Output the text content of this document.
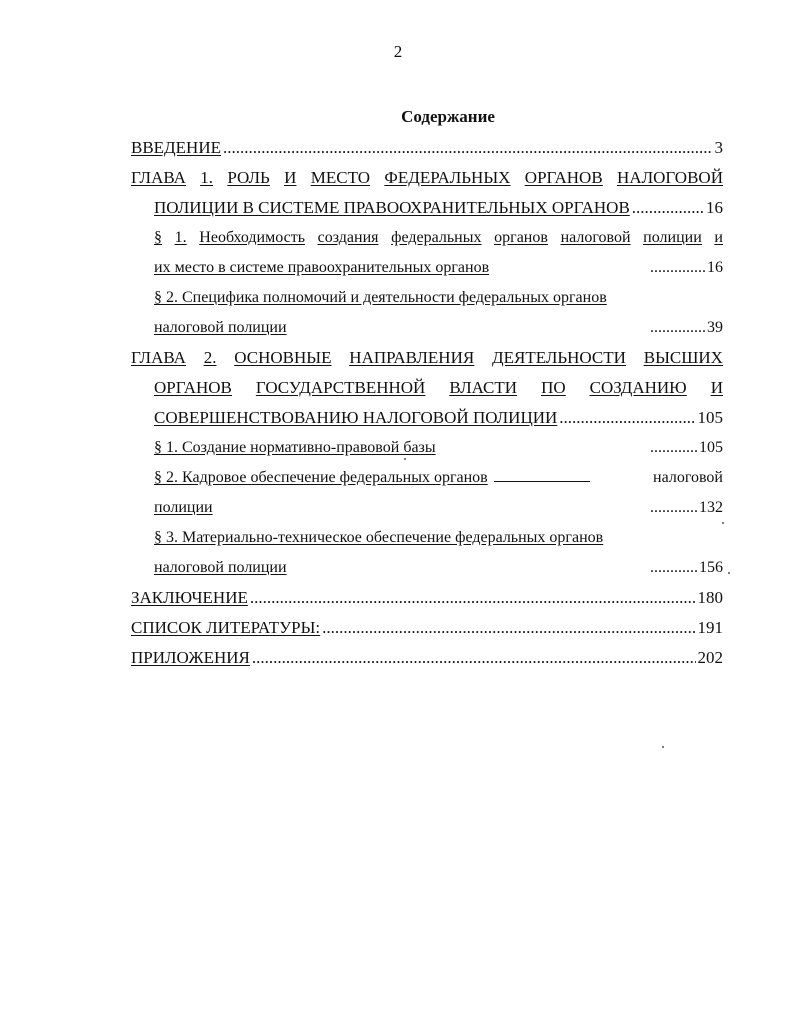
2
Содержание
ВВЕДЕНИЕ .....	3
ГЛАВА 1. РОЛЬ И МЕСТО ФЕДЕРАЛЬНЫХ ОРГАНОВ НАЛОГОВОЙ
ПОЛИЦИИ В СИСТЕМЕ ПРАВООХРАНИТЕЛЬНЫХ ОРГАНОВ .....	16
§ 1. Необходимость создания федеральных органов налоговой полиции и
их место в системе правоохранительных органов	.............. 16
§ 2. Специфика полномочий и деятельности федеральных органов
налоговой полиции	.............. 39
ГЛАВА 2. ОСНОВНЫЕ НАПРАВЛЕНИЯ ДЕЯТЕЛЬНОСТИ ВЫСШИХ
ОРГАНОВ ГОСУДАРСТВЕННОЙ ВЛАСТИ ПО СОЗДАНИЮ И
СОВЕРШЕНСТВОВАНИЮ НАЛОГОВОЙ ПОЛИЦИИ .....	105
§ 1. Создание нормативно-правовой базы	............ 105
§ 2. Кадровое обеспечение федеральных органов	налоговой
полиции	............ 132
§ 3. Материально-техническое обеспечение федеральных органов
налоговой полиции	............ 156
ЗАКЛЮЧЕНИЕ .....	180
СПИСОК ЛИТЕРАТУРЫ: .....	191
ПРИЛОЖЕНИЯ .....	202
